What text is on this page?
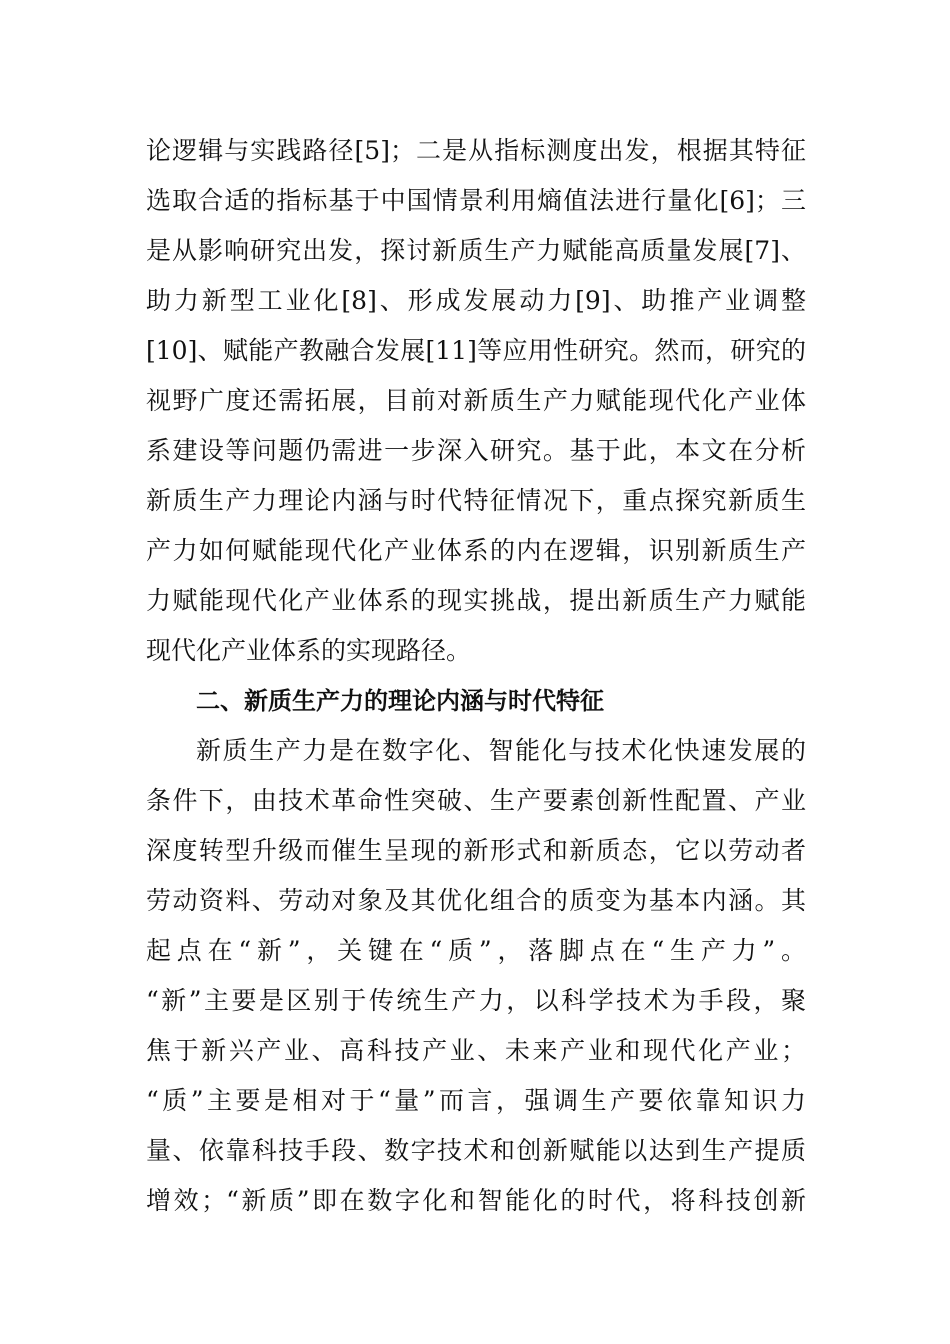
论逻辑与实践路径[5]；二是从指标测度出发，根据其特征
选取合适的指标基于中国情景利用熵值法进行量化[6]；三
是从影响研究出发，探讨新质生产力赋能高质量发展[7]、
助力新型工业化[8]、形成发展动力[9]、助推产业调整
[10]、赋能产教融合发展[11]等应用性研究。然而，研究的
视野广度还需拓展，目前对新质生产力赋能现代化产业体
系建设等问题仍需进一步深入研究。基于此，本文在分析
新质生产力理论内涵与时代特征情况下，重点探究新质生
产力如何赋能现代化产业体系的内在逻辑，识别新质生产
力赋能现代化产业体系的现实挑战，提出新质生产力赋能
现代化产业体系的实现路径。
二、新质生产力的理论内涵与时代特征
新质生产力是在数字化、智能化与技术化快速发展的
条件下，由技术革命性突破、生产要素创新性配置、产业
深度转型升级而催生呈现的新形式和新质态，它以劳动者
劳动资料、劳动对象及其优化组合的质变为基本内涵。其
起点在“新”，关键在“质”，落脚点在“生产力”。
“新”主要是区别于传统生产力，以科学技术为手段，聚
焦于新兴产业、高科技产业、未来产业和现代化产业；
“质”主要是相对于“量”而言，强调生产要依靠知识力
量、依靠科技手段、数字技术和创新赋能以达到生产提质
增效；“新质”即在数字化和智能化的时代，将科技创新
